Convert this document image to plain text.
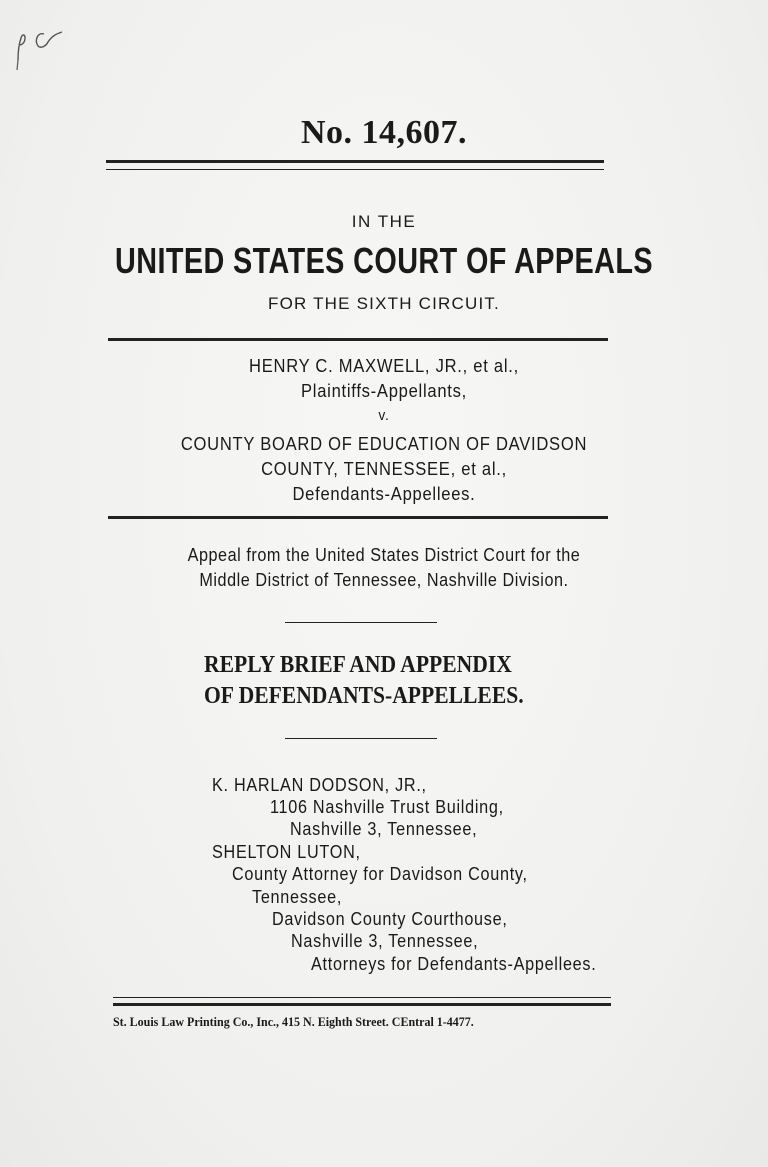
No. 14,607.
IN THE
UNITED STATES COURT OF APPEALS
FOR THE SIXTH CIRCUIT.
HENRY C. MAXWELL, JR., et al.,
Plaintiffs-Appellants,
v.
COUNTY BOARD OF EDUCATION OF DAVIDSON
COUNTY, TENNESSEE, et al.,
Defendants-Appellees.
Appeal from the United States District Court for the
Middle District of Tennessee, Nashville Division.
REPLY BRIEF AND APPENDIX
OF DEFENDANTS-APPELLEES.
K. HARLAN DODSON, JR.,
1106 Nashville Trust Building,
Nashville 3, Tennessee,
SHELTON LUTON,
County Attorney for Davidson County,
Tennessee,
Davidson County Courthouse,
Nashville 3, Tennessee,
Attorneys for Defendants-Appellees.
St. Louis Law Printing Co., Inc., 415 N. Eighth Street. CEntral 1-4477.
